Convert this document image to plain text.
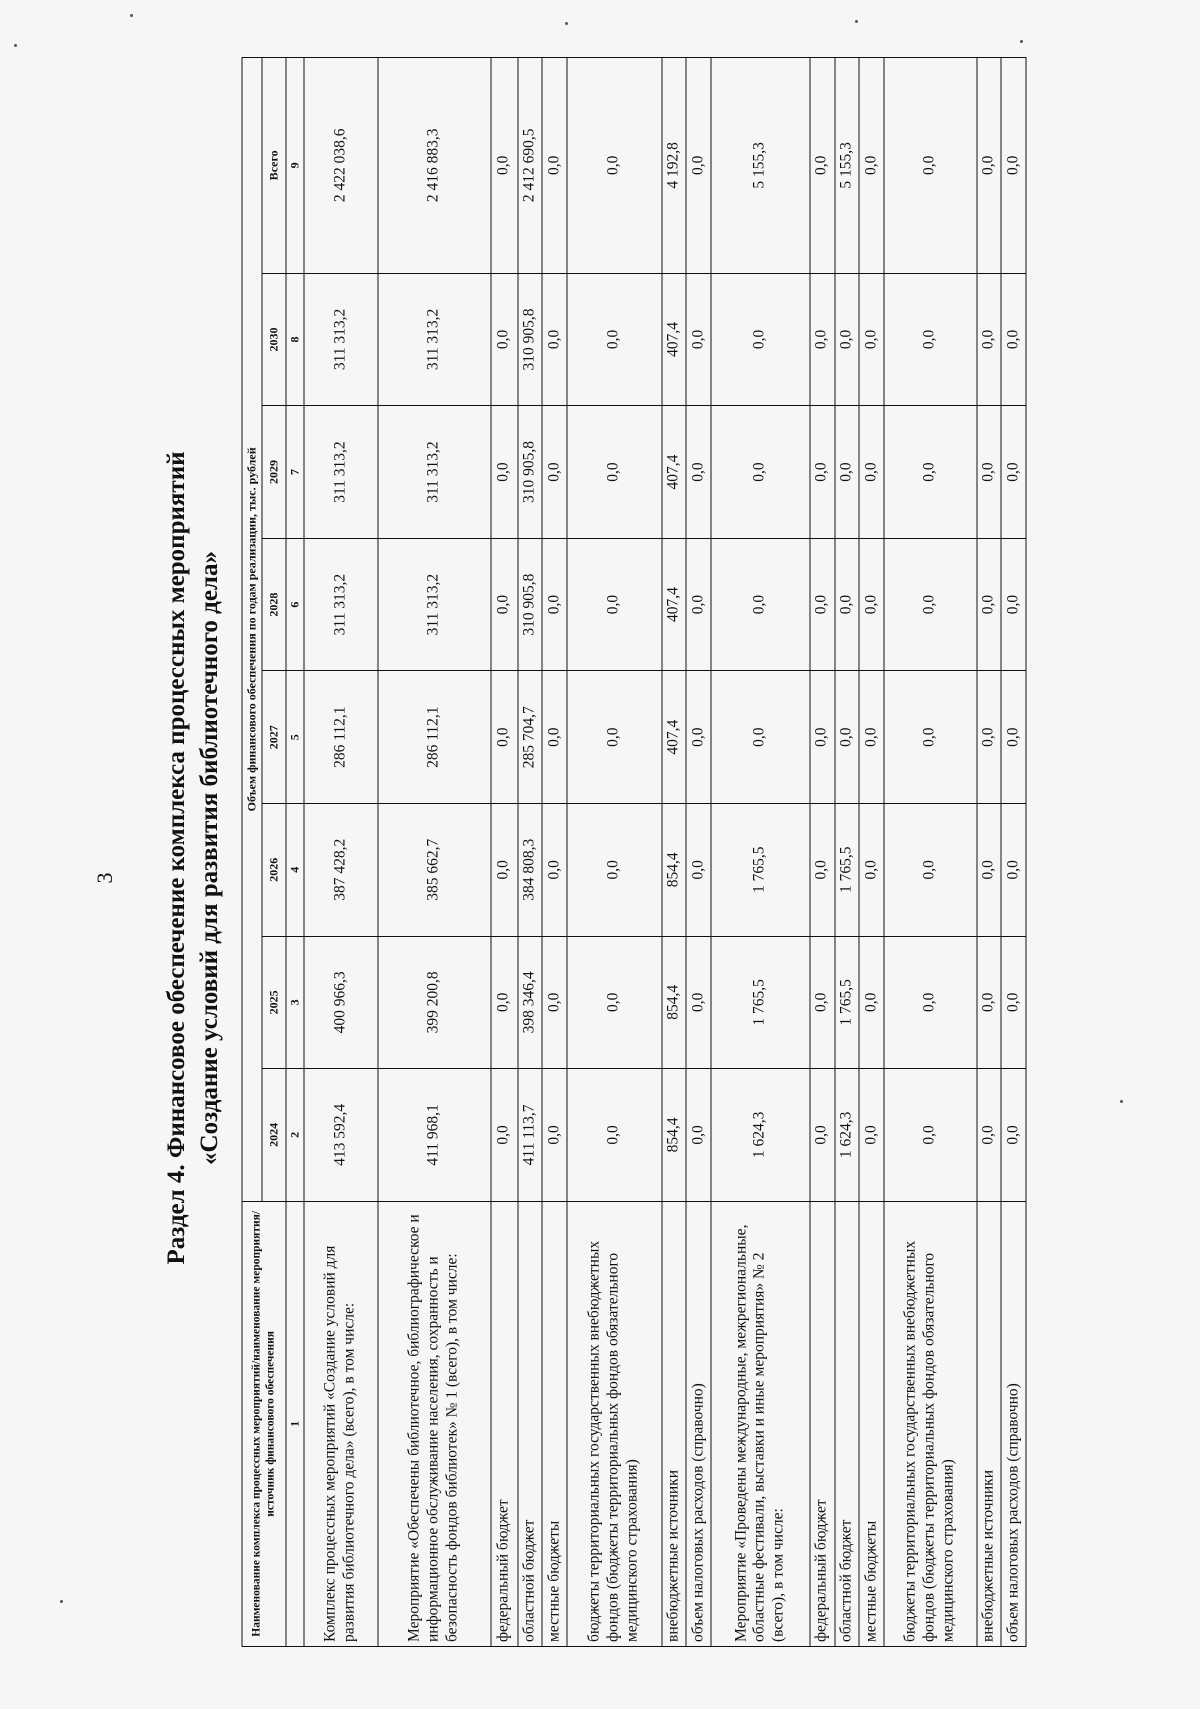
3 Раздел 4. Финансовое обеспечение комплекса процессных мероприятий «Создание условий для развития библиотечного дела»
Наименование комплекса процессных мероприятий/наименование мероприятия/источник финансового обеспечения	Объем финансового обеспечения по годам реализации, тыс. рублей							
	2024	2025	2026	2027	2028	2029	2030	Всего
1	2	3	4	5	6	7	8	9
Комплекс процессных мероприятий «Создание условий для развития библиотечного дела» (всего), в том числе:	413 592,4	400 966,3	387 428,2	286 112,1	311 313,2	311 313,2	311 313,2	2 422 038,6
Мероприятие «Обеспечены библиотечное, библиографическое и информационное обслуживание населения, сохранность и безопасность фондов библиотек» № 1 (всего), в том числе:	411 968,1	399 200,8	385 662,7	286 112,1	311 313,2	311 313,2	311 313,2	2 416 883,3
федеральный бюджет	0,0	0,0	0,0	0,0	0,0	0,0	0,0	0,0
областной бюджет	411 113,7	398 346,4	384 808,3	285 704,7	310 905,8	310 905,8	310 905,8	2 412 690,5
местные бюджеты	0,0	0,0	0,0	0,0	0,0	0,0	0,0	0,0
бюджеты территориальных государственных внебюджетных фондов (бюджеты территориальных фондов обязательного медицинского страхования)	0,0	0,0	0,0	0,0	0,0	0,0	0,0	0,0
внебюджетные источники	854,4	854,4	854,4	407,4	407,4	407,4	407,4	4 192,8
объем налоговых расходов (справочно)	0,0	0,0	0,0	0,0	0,0	0,0	0,0	0,0
Мероприятие «Проведены международные, межрегиональные, областные фестивали, выставки и иные мероприятия» № 2 (всего), в том числе:	1 624,3	1 765,5	1 765,5	0,0	0,0	0,0	0,0	5 155,3
федеральный бюджет	0,0	0,0	0,0	0,0	0,0	0,0	0,0	0,0
областной бюджет	1 624,3	1 765,5	1 765,5	0,0	0,0	0,0	0,0	5 155,3
местные бюджеты	0,0	0,0	0,0	0,0	0,0	0,0	0,0	0,0
бюджеты территориальных государственных внебюджетных фондов (бюджеты территориальных фондов обязательного медицинского страхования)	0,0	0,0	0,0	0,0	0,0	0,0	0,0	0,0
внебюджетные источники	0,0	0,0	0,0	0,0	0,0	0,0	0,0	0,0
объем налоговых расходов (справочно)	0,0	0,0	0,0	0,0	0,0	0,0	0,0	0,0
